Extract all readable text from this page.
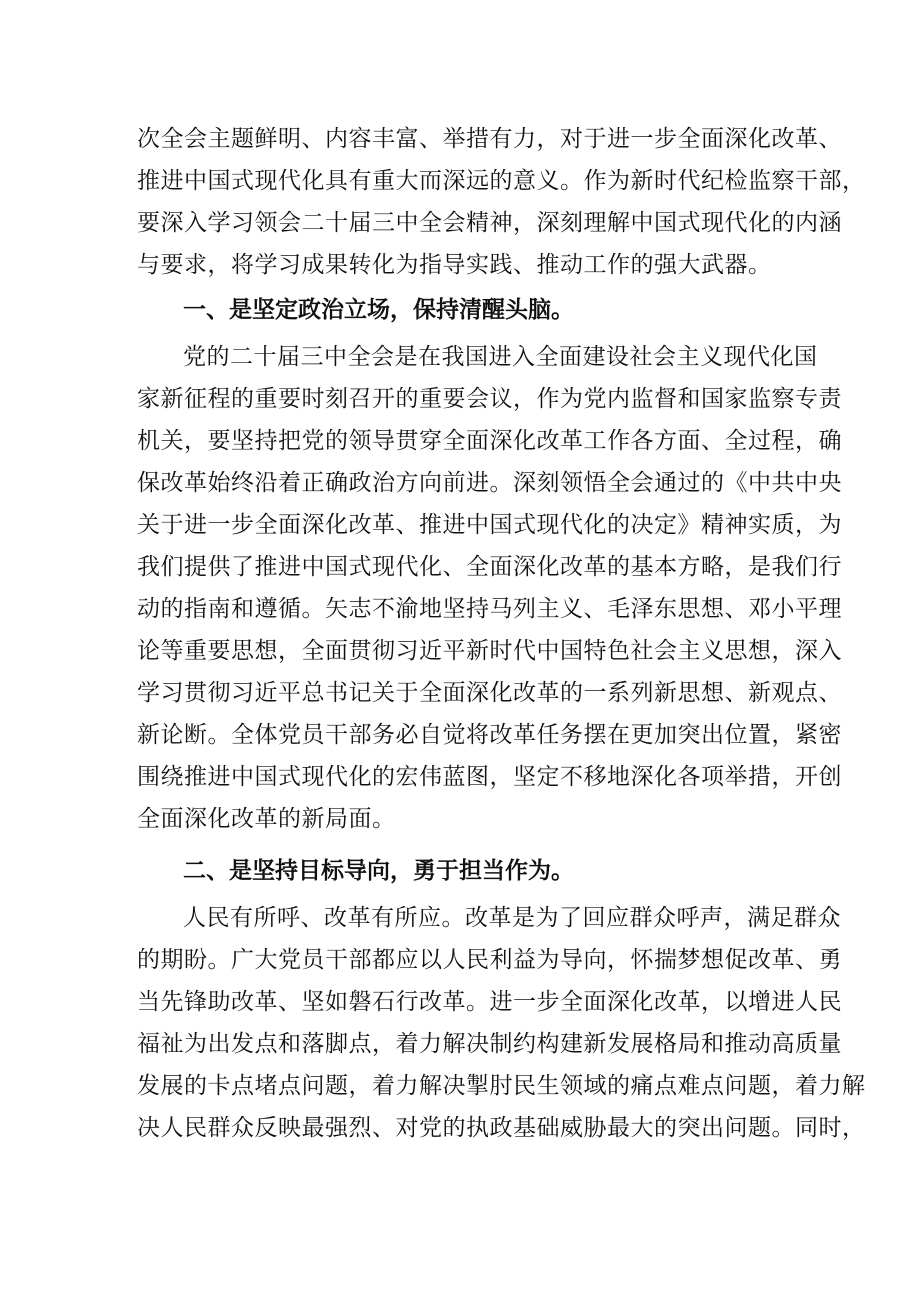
次全会主题鲜明、内容丰富、举措有力，对于进一步全面深化改革、
推进中国式现代化具有重大而深远的意义。作为新时代纪检监察干部，
要深入学习领会二十届三中全会精神，深刻理解中国式现代化的内涵
与要求，将学习成果转化为指导实践、推动工作的强大武器。
一、是坚定政治立场，保持清醒头脑。
党的二十届三中全会是在我国进入全面建设社会主义现代化国
家新征程的重要时刻召开的重要会议，作为党内监督和国家监察专责
机关，要坚持把党的领导贯穿全面深化改革工作各方面、全过程，确
保改革始终沿着正确政治方向前进。深刻领悟全会通过的《中共中央
关于进一步全面深化改革、推进中国式现代化的决定》精神实质，为
我们提供了推进中国式现代化、全面深化改革的基本方略，是我们行
动的指南和遵循。矢志不渝地坚持马列主义、毛泽东思想、邓小平理
论等重要思想，全面贯彻习近平新时代中国特色社会主义思想，深入
学习贯彻习近平总书记关于全面深化改革的一系列新思想、新观点、
新论断。全体党员干部务必自觉将改革任务摆在更加突出位置，紧密
围绕推进中国式现代化的宏伟蓝图，坚定不移地深化各项举措，开创
全面深化改革的新局面。
二、是坚持目标导向，勇于担当作为。
人民有所呼、改革有所应。改革是为了回应群众呼声，满足群众
的期盼。广大党员干部都应以人民利益为导向，怀揣梦想促改革、勇
当先锋助改革、坚如磐石行改革。进一步全面深化改革，以增进人民
福祉为出发点和落脚点，着力解决制约构建新发展格局和推动高质量
发展的卡点堵点问题，着力解决掣肘民生领域的痛点难点问题，着力解
决人民群众反映最强烈、对党的执政基础威胁最大的突出问题。同时，
